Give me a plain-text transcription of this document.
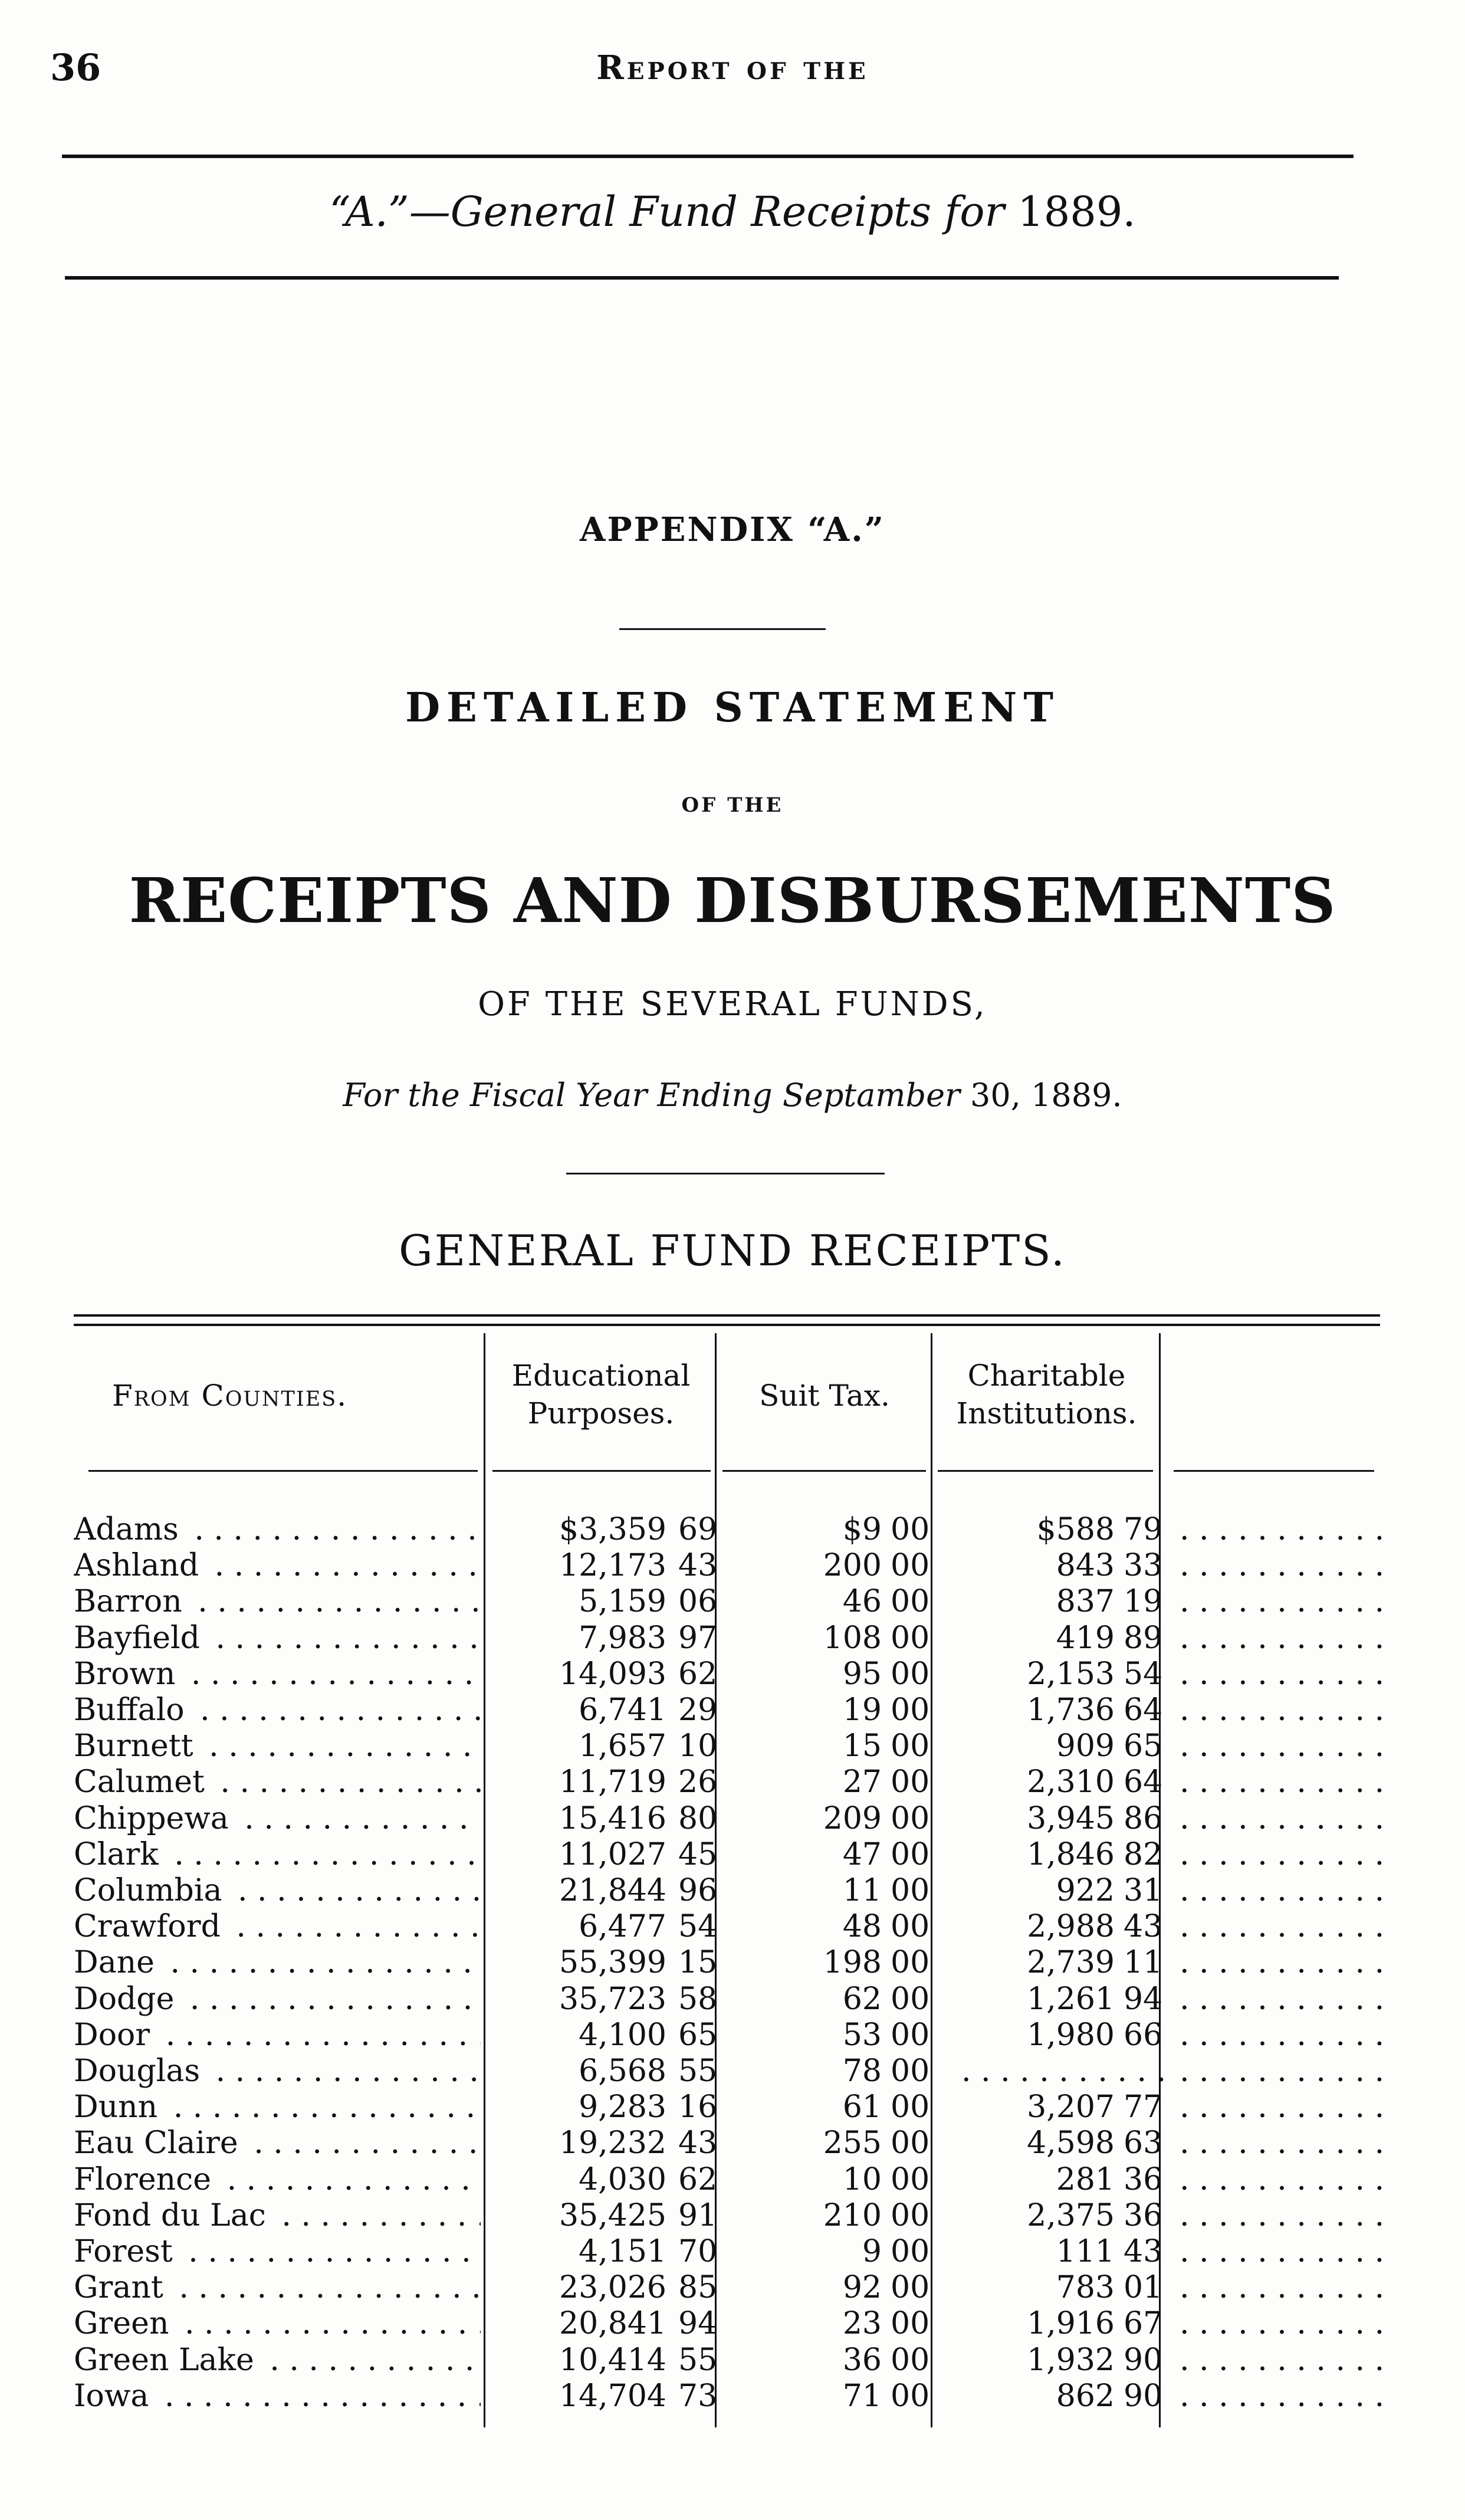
36	Report of the
“A.”—General Fund Receipts for 1889.
APPENDIX “A.”
DETAILED STATEMENT
OF THE
RECEIPTS AND DISBURSEMENTS
OF THE SEVERAL FUNDS,
For the Fiscal Year Ending Septamber 30, 1889.
GENERAL FUND RECEIPTS.
From Counties.
Educational
Purposes.
Suit Tax.
Charitable
Institutions.
Adams . . .	$3,359 69	$9 00	$588 79
. . .
Ashland . . .	12,173 43	200 00	843 33
. . .
Barron . . .	5,159 06	46 00	837 19
. . .
Bayfield . . .	7,983 97	108 00	419 89
. . .
Brown . . .	14,093 62	95 00	2,153 54
. . .
Buffalo . . .	6,741 29	19 00	1,736 64
. . .
Burnett . . .	1,657 10	15 00	909 65
. . .
Calumet . . .	11,719 26	27 00	2,310 64
. . .
Chippewa . . .	15,416 80	209 00	3,945 86
. . .
Clark . . .	11,027 45	47 00	1,846 82
. . .
Columbia . . .	21,844 96	11 00	922 31
. . .
Crawford . . .	6,477 54	48 00	2,988 43
. . .
Dane . . .	55,399 15	198 00	2,739 11
. . .
Dodge . . .	35,723 58	62 00	1,261 94
. . .
Door . . .	4,100 65	53 00	1,980 66
. . .
Douglas . . .	6,568 55	78 00
. . .
. . .
Dunn . . .	9,283 16	61 00	3,207 77
. . .
Eau Claire . . .	19,232 43	255 00	4,598 63
. . .
Florence . . .	4,030 62	10 00	281 36
. . .
Fond du Lac . . .	35,425 91	210 00	2,375 36
. . .
Forest . . .	4,151 70	9 00	111 43
. . .
Grant . . .	23,026 85	92 00	783 01
. . .
Green . . .	20,841 94	23 00	1,916 67
. . .
Green Lake . . .	10,414 55	36 00	1,932 90
. . .
Iowa . . .	14,704 73	71 00	862 90
. . .
